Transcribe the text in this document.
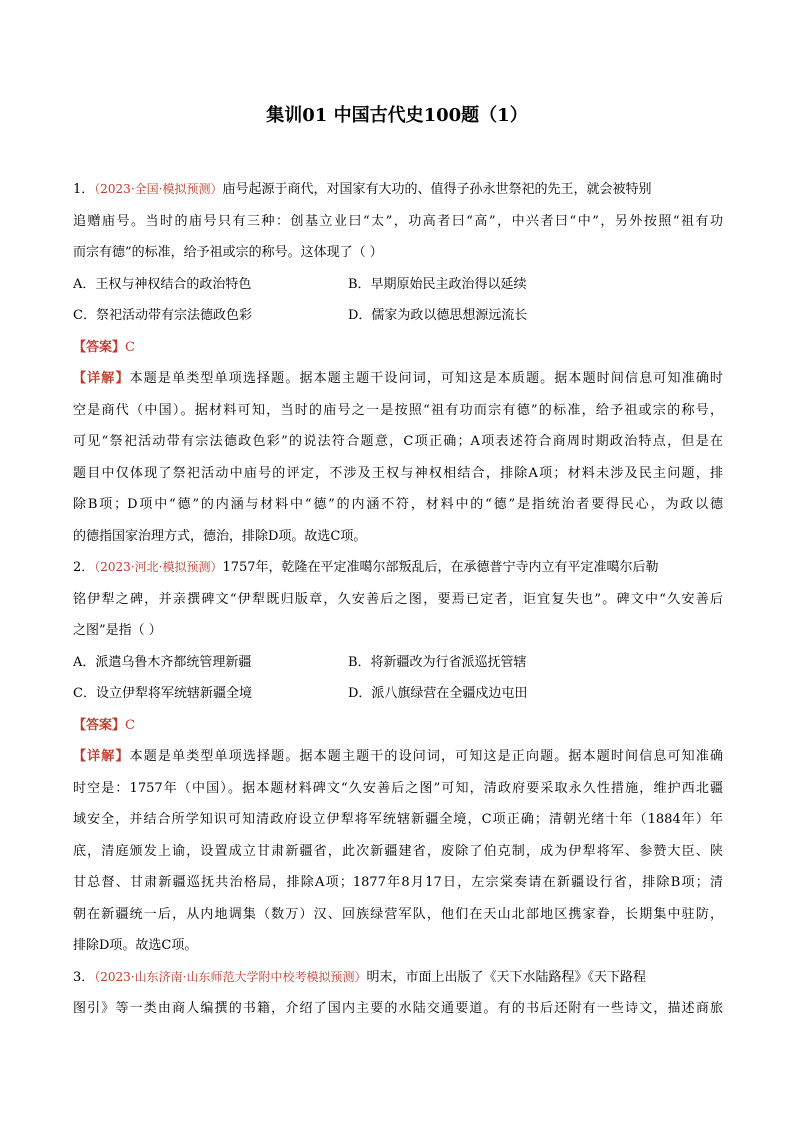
集训01 中国古代史100题（1）
1．（2023·全国·模拟预测）庙号起源于商代，对国家有大功的、值得子孙永世祭祀的先王，就会被特别
追赠庙号。当时的庙号只有三种：创基立业曰“太”，功高者曰“高”，中兴者曰“中”，另外按照“祖有功
而宗有德”的标准，给予祖或宗的称号。这体现了（ ）
A．王权与神权结合的政治特色	B．早期原始民主政治得以延续
C．祭祀活动带有宗法德政色彩	D．儒家为政以德思想源远流长
【答案】C
【详解】本题是单类型单项选择题。据本题主题干设问词，可知这是本质题。据本题时间信息可知准确时
空是商代（中国）。据材料可知，当时的庙号之一是按照“祖有功而宗有德”的标准，给予祖或宗的称号，
可见“祭祀活动带有宗法德政色彩”的说法符合题意，C项正确；A项表述符合商周时期政治特点，但是在
题目中仅体现了祭祀活动中庙号的评定，不涉及王权与神权相结合，排除A项；材料未涉及民主问题，排
除B项；D项中“德”的内涵与材料中“德”的内涵不符，材料中的“德”是指统治者要得民心，为政以德
的德指国家治理方式，德治，排除D项。故选C项。
2．（2023·河北·模拟预测）1757年，乾隆在平定准噶尔部叛乱后，在承德普宁寺内立有平定准噶尔后勒
铭伊犁之碑，并亲撰碑文“伊犁既归版章，久安善后之图，要焉已定者，讵宜复失也”。碑文中“久安善后
之图”是指（ ）
A．派遣乌鲁木齐都统管理新疆	B．将新疆改为行省派巡抚管辖
C．设立伊犁将军统辖新疆全境	D．派八旗绿营在全疆戍边屯田
【答案】C
【详解】本题是单类型单项选择题。据本题主题干的设问词，可知这是正向题。据本题时间信息可知准确
时空是：1757年（中国）。据本题材料碑文“久安善后之图”可知，清政府要采取永久性措施，维护西北疆
域安全，并结合所学知识可知清政府设立伊犁将军统辖新疆全境，C项正确；清朝光绪十年（1884年）年
底，清庭颁发上谕，设置成立甘肃新疆省，此次新疆建省，废除了伯克制，成为伊犁将军、参赞大臣、陕
甘总督、甘肃新疆巡抚共治格局，排除A项；1877年8月17日，左宗棠奏请在新疆设行省，排除B项；清
朝在新疆统一后，从内地调集（数万）汉、回族绿营军队，他们在天山北部地区携家眷，长期集中驻防，
排除D项。故选C项。
3．（2023·山东济南·山东师范大学附中校考模拟预测）明末，市面上出版了《天下水陆路程》《天下路程
图引》等一类由商人编撰的书籍，介绍了国内主要的水陆交通要道。有的书后还附有一些诗文，描述商旅
